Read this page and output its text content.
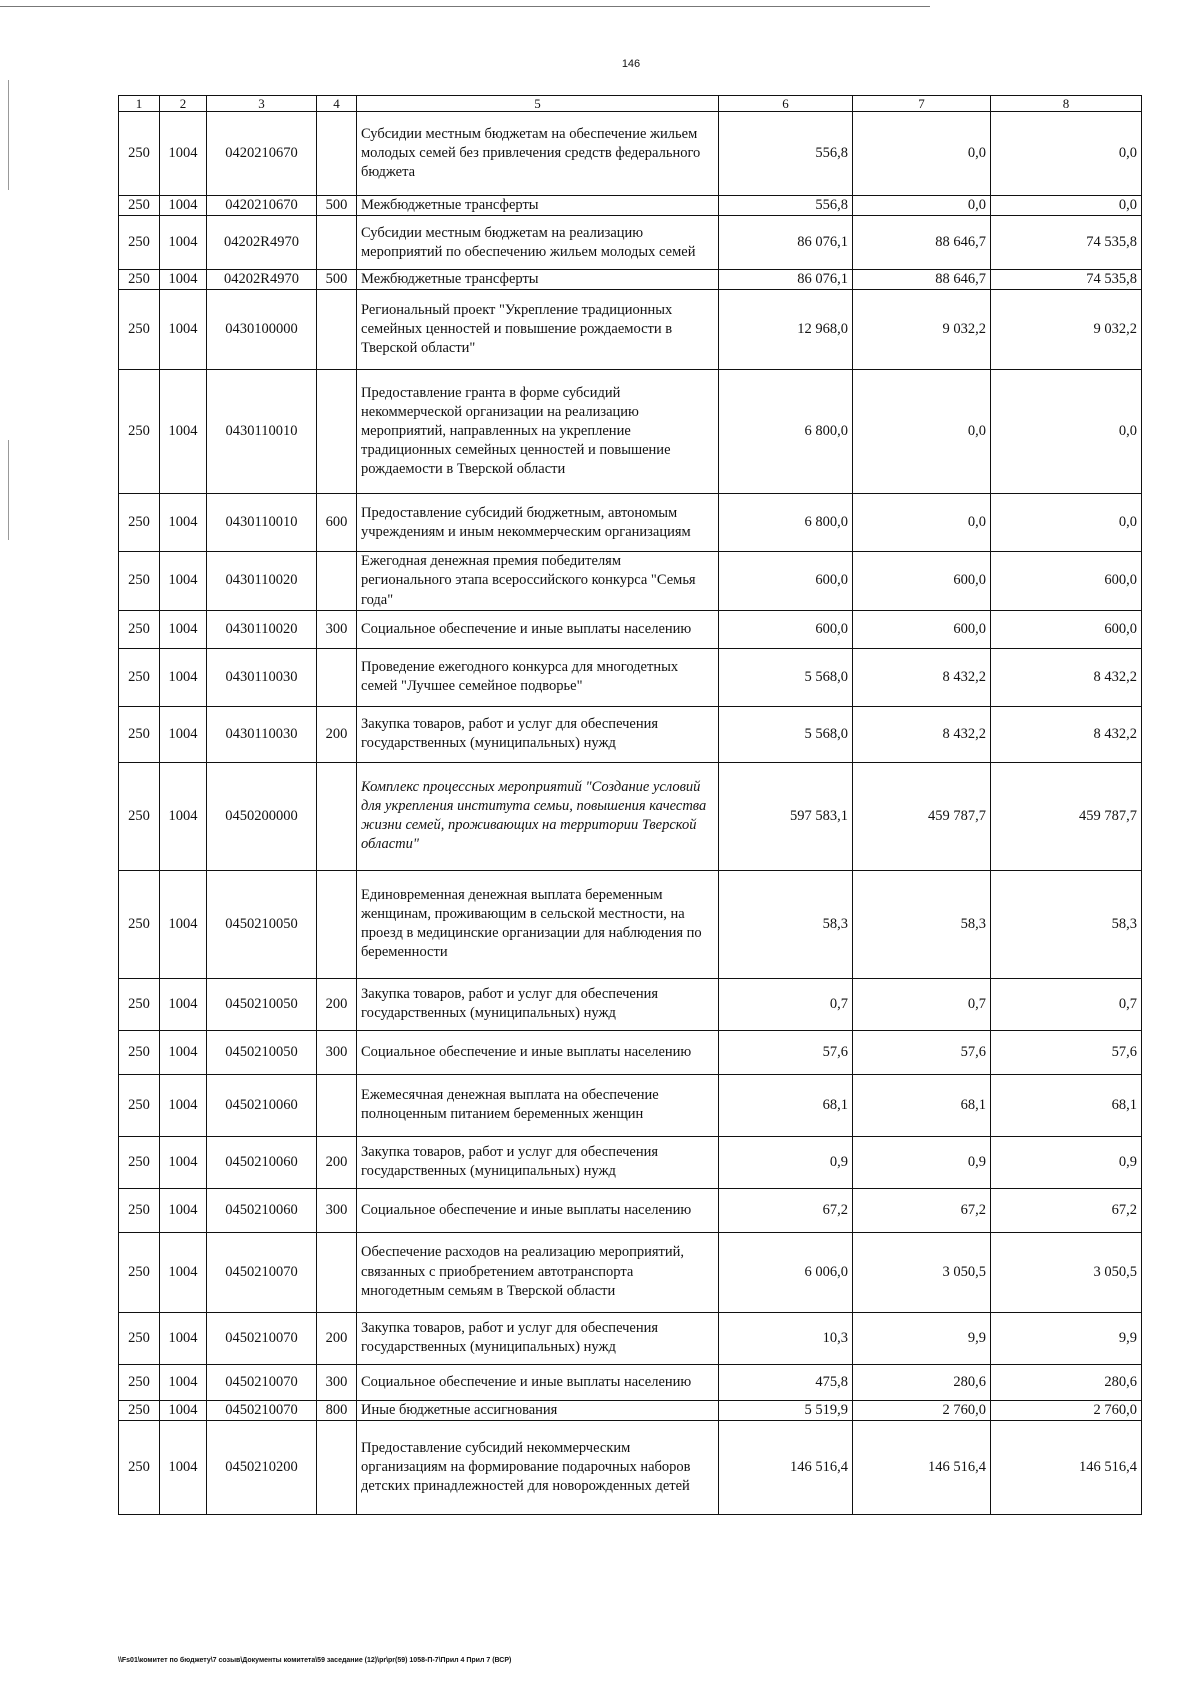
146
1	2	3	4	5	6	7	8
250	1004	0420210670		Субсидии местным бюджетам на обеспечение жильем молодых семей без привлечения средств федерального бюджета	556,8	0,0	0,0
250	1004	0420210670	500	Межбюджетные трансферты	556,8	0,0	0,0
250	1004	04202R4970		Субсидии местным бюджетам на реализацию мероприятий по обеспечению жильем молодых семей	86 076,1	88 646,7	74 535,8
250	1004	04202R4970	500	Межбюджетные трансферты	86 076,1	88 646,7	74 535,8
250	1004	0430100000		Региональный проект "Укрепление традиционных семейных ценностей и повышение рождаемости в Тверской области"	12 968,0	9 032,2	9 032,2
250	1004	0430110010		Предоставление гранта в форме субсидий некоммерческой организации на реализацию мероприятий, направленных на укрепление традиционных семейных ценностей и повышение рождаемости в Тверской области	6 800,0	0,0	0,0
250	1004	0430110010	600	Предоставление субсидий бюджетным, автономым учреждениям и иным некоммерческим организациям	6 800,0	0,0	0,0
250	1004	0430110020		Ежегодная денежная премия победителям регионального этапа всероссийского конкурса "Семья года"	600,0	600,0	600,0
250	1004	0430110020	300	Социальное обеспечение и иные выплаты населению	600,0	600,0	600,0
250	1004	0430110030		Проведение ежегодного конкурса для многодетных семей "Лучшее семейное подворье"	5 568,0	8 432,2	8 432,2
250	1004	0430110030	200	Закупка товаров, работ и услуг для обеспечения государственных (муниципальных) нужд	5 568,0	8 432,2	8 432,2
250	1004	0450200000		Комплекс процессных мероприятий "Создание условий для укрепления института семьи, повышения качества жизни семей, проживающих на территории Тверской области"	597 583,1	459 787,7	459 787,7
250	1004	0450210050		Единовременная денежная выплата беременным женщинам, проживающим в сельской местности, на проезд в медицинские организации для наблюдения по беременности	58,3	58,3	58,3
250	1004	0450210050	200	Закупка товаров, работ и услуг для обеспечения государственных (муниципальных) нужд	0,7	0,7	0,7
250	1004	0450210050	300	Социальное обеспечение и иные выплаты населению	57,6	57,6	57,6
250	1004	0450210060		Ежемесячная денежная выплата на обеспечение полноценным питанием беременных женщин	68,1	68,1	68,1
250	1004	0450210060	200	Закупка товаров, работ и услуг для обеспечения государственных (муниципальных) нужд	0,9	0,9	0,9
250	1004	0450210060	300	Социальное обеспечение и иные выплаты населению	67,2	67,2	67,2
250	1004	0450210070		Обеспечение расходов на реализацию мероприятий, связанных с приобретением автотранспорта многодетным семьям в Тверской области	6 006,0	3 050,5	3 050,5
250	1004	0450210070	200	Закупка товаров, работ и услуг для обеспечения государственных (муниципальных) нужд	10,3	9,9	9,9
250	1004	0450210070	300	Социальное обеспечение и иные выплаты населению	475,8	280,6	280,6
250	1004	0450210070	800	Иные бюджетные ассигнования	5 519,9	2 760,0	2 760,0
250	1004	0450210200		Предоставление субсидий некоммерческим организациям на формирование подарочных наборов детских принадлежностей для новорожденных детей	146 516,4	146 516,4	146 516,4
\\Fs01\комитет по бюджету\7 созыв\Документы комитета\59 заседание (12)\pr\pr(59) 1058-П-7\Прил 4 Прил 7 (ВСР)
